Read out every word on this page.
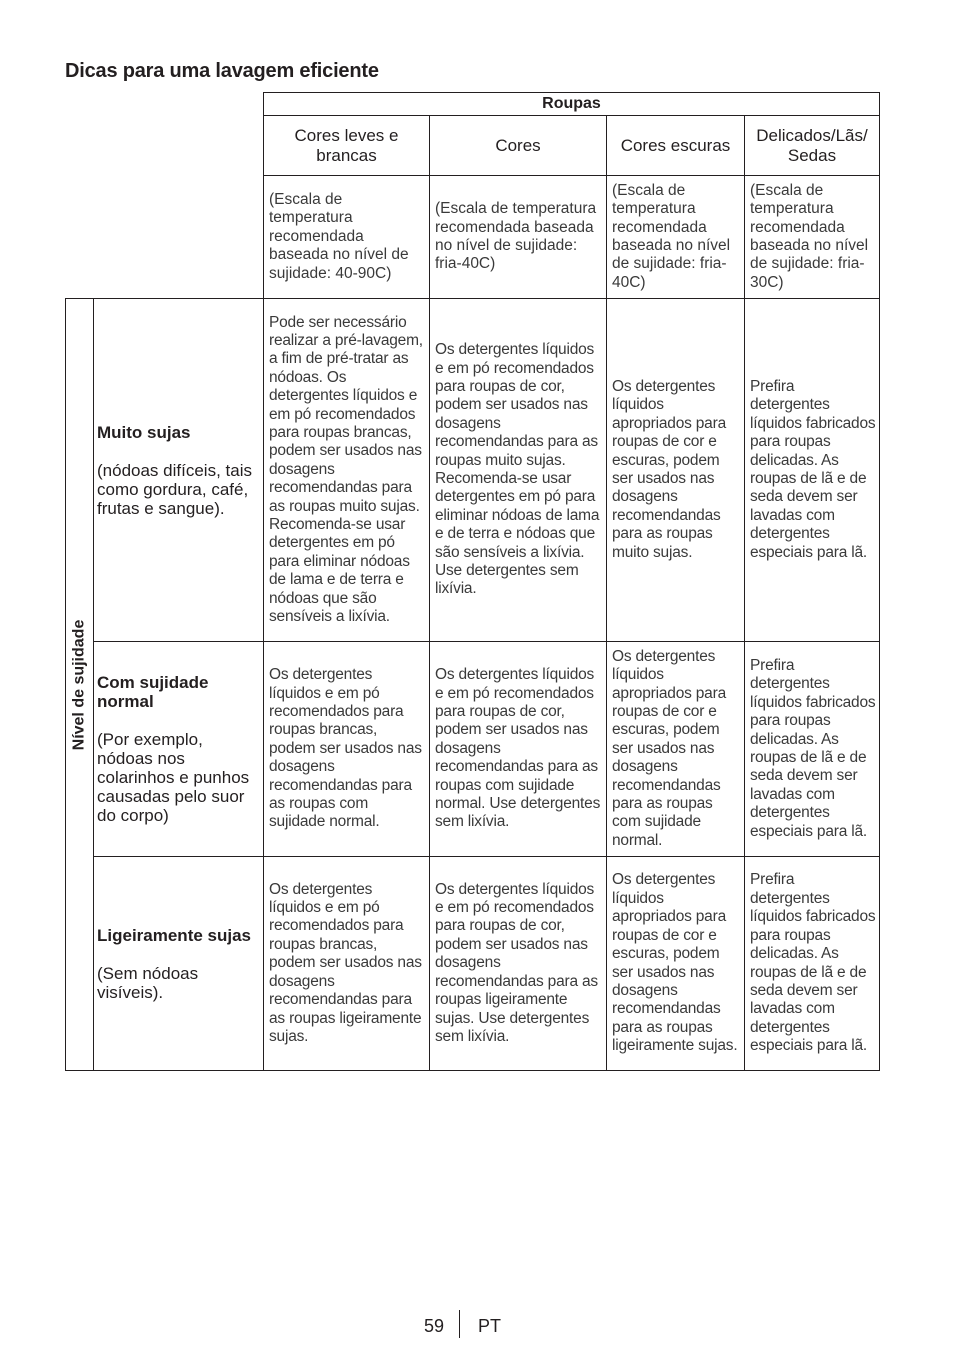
Dicas para uma lavagem eficiente
Roupas
Cores leves e brancas
Cores	Cores escuras
Delicados/Lãs/ Sedas
(Escala de temperatura recomendada baseada no nível de sujidade: 40-90C)
(Escala de temperatura recomendada baseada no nível de sujidade: fria-40C)
(Escala de temperatura recomendada baseada no nível de sujidade: fria-40C)
(Escala de temperatura recomendada baseada no nível de sujidade: fria-30C)
Nível de sujidade
Muito sujas
(nódoas difíceis, tais como gordura, café, frutas e sangue).
Pode ser necessário realizar a pré-lavagem, a fim de pré-tratar as nódoas. Os detergentes líquidos e em pó recomendados para roupas brancas, podem ser usados nas dosagens recomendandas para as roupas muito sujas. Recomenda-se usar detergentes em pó para eliminar nódoas de lama e de terra e nódoas que são sensíveis a lixívia.
Os detergentes líquidos e em pó recomendados para roupas de cor, podem ser usados nas dosagens recomendandas para as roupas muito sujas. Recomenda-se usar detergentes em pó para eliminar nódoas de lama e de terra e nódoas que são sensíveis a lixívia. Use detergentes sem lixívia.
Os detergentes líquidos apropriados para roupas de cor e escuras, podem ser usados nas dosagens recomendandas para as roupas muito sujas.
Prefira detergentes líquidos fabricados para roupas delicadas. As roupas de lã e de seda devem ser lavadas com detergentes especiais para lã.
Com sujidade normal
(Por exemplo, nódoas nos colarinhos e punhos causadas pelo suor do corpo)
Os detergentes líquidos e em pó recomendados para roupas brancas, podem ser usados nas dosagens recomendandas para as roupas com sujidade normal.
Os detergentes líquidos e em pó recomendados para roupas de cor, podem ser usados nas dosagens recomendandas para as roupas com sujidade normal. Use detergentes sem lixívia.
Os detergentes líquidos apropriados para roupas de cor e escuras, podem ser usados nas dosagens recomendandas para as roupas com sujidade normal.
Prefira detergentes líquidos fabricados para roupas delicadas. As roupas de lã e de seda devem ser lavadas com detergentes especiais para lã.
Ligeiramente sujas
(Sem nódoas visíveis).
Os detergentes líquidos e em pó recomendados para roupas brancas, podem ser usados nas dosagens recomendandas para as roupas ligeiramente sujas.
Os detergentes líquidos e em pó recomendados para roupas de cor, podem ser usados nas dosagens recomendandas para as roupas ligeiramente sujas. Use detergentes sem lixívia.
Os detergentes líquidos apropriados para roupas de cor e escuras, podem ser usados nas dosagens recomendandas para as roupas ligeiramente sujas.
Prefira detergentes líquidos fabricados para roupas delicadas. As roupas de lã e de seda devem ser lavadas com detergentes especiais para lã.
59 PT
